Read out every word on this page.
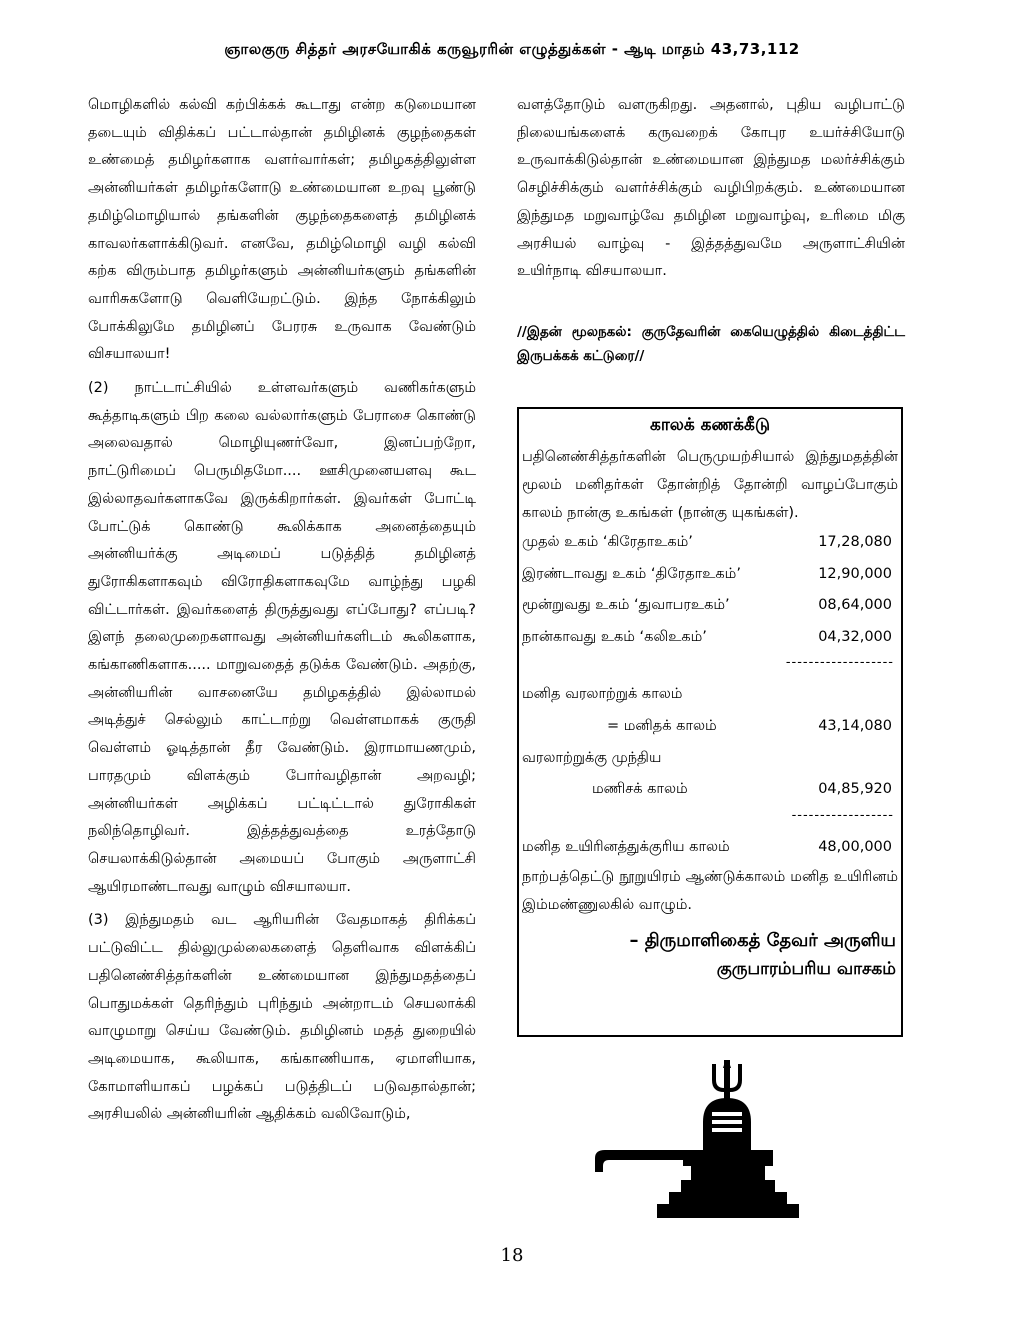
ஞாலகுரு சித்தர் அரசயோகிக் கருவூரரின் எழுத்துக்கள் - ஆடி மாதம் 43,73,112

மொழிகளில் கல்வி கற்பிக்கக் கூடாது என்ற கடுமையான தடையும் விதிக்கப் பட்டால்தான் தமிழினக் குழந்தைகள் உண்மைத் தமிழர்களாக வளர்வார்கள்; தமிழகத்திலுள்ள அன்னியர்கள் தமிழர்களோடு உண்மையான உறவு பூண்டு தமிழ்மொழியால் தங்களின் குழந்தைகளைத் தமிழினக் காவலர்களாக்கிடுவர். எனவே, தமிழ்மொழி வழி கல்வி கற்க விரும்பாத தமிழர்களும் அன்னியர்களும் தங்களின் வாரிசுகளோடு வெளியேறட்டும். இந்த நோக்கிலும் போக்கிலுமே தமிழினப் பேரரசு உருவாக வேண்டும் விசயாலயா!

(2) நாட்டாட்சியில் உள்ளவர்களும் வணிகர்களும் கூத்தாடிகளும் பிற கலை வல்லார்களும் பேராசை கொண்டு அலைவதால் மொழியுணர்வோ, இனப்பற்றோ, நாட்டுரிமைப் பெருமிதமோ.... ஊசிமுனையளவு கூட இல்லாதவர்களாகவே இருக்கிறார்கள். இவர்கள் போட்டி போட்டுக் கொண்டு கூலிக்காக அனைத்தையும் அன்னியர்க்கு அடிமைப் படுத்தித் தமிழினத் துரோகிகளாகவும் விரோதிகளாகவுமே வாழ்ந்து பழகி விட்டார்கள். இவர்களைத் திருத்துவது எப்போது? எப்படி? இளந் தலைமுறைகளாவது அன்னியர்களிடம் கூலிகளாக, கங்காணிகளாக..... மாறுவதைத் தடுக்க வேண்டும். அதற்கு, அன்னியரின் வாசனையே தமிழகத்தில் இல்லாமல் அடித்துச் செல்லும் காட்டாற்று வெள்ளமாகக் குருதி வெள்ளம் ஓடித்தான் தீர வேண்டும். இராமாயணமும், பாரதமும் விளக்கும் போர்வழிதான் அறவழி; அன்னியர்கள் அழிக்கப் பட்டிட்டால் துரோகிகள் நலிந்தொழிவர். இத்தத்துவத்தை உரத்தோடு செயலாக்கிடுல்தான் அமையப் போகும் அருளாட்சி ஆயிரமாண்டாவது வாழும் விசயாலயா.

(3) இந்துமதம் வட ஆரியரின் வேதமாகத் திரிக்கப் பட்டுவிட்ட தில்லுமுல்லைகளைத் தெளிவாக விளக்கிப் பதினெண்சித்தர்களின் உண்மையான இந்துமதத்தைப் பொதுமக்கள் தெரிந்தும் புரிந்தும் அன்றாடம் செயலாக்கி வாழுமாறு செய்ய வேண்டும். தமிழினம் மதத் துறையில் அடிமையாக, கூலியாக, கங்காணியாக, ஏமாளியாக, கோமாளியாகப் பழக்கப் படுத்திடப் படுவதால்தான்; அரசியலில் அன்னியரின் ஆதிக்கம் வலிவோடும்,

வளத்தோடும் வளருகிறது. அதனால், புதிய வழிபாட்டு நிலையங்களைக் கருவறைக் கோபுர உயர்ச்சியோடு உருவாக்கிடுல்தான் உண்மையான இந்துமத மலர்ச்சிக்கும் செழிச்சிக்கும் வளர்ச்சிக்கும் வழிபிறக்கும். உண்மையான இந்துமத மறுவாழ்வே தமிழின மறுவாழ்வு, உரிமை மிகு அரசியல் வாழ்வு - இத்தத்துவமே அருளாட்சியின் உயிர்நாடி விசயாலயா.

//இதன் மூலநகல்: குருதேவரின் கையெழுத்தில் கிடைத்திட்ட இருபக்கக் கட்டுரை//
காலக் கணக்கீடு

பதினெண்சித்தர்களின் பெருமுயற்சியால் இந்துமதத்தின் மூலம் மனிதர்கள் தோன்றித் தோன்றி வாழப்போகும் காலம் நான்கு உகங்கள் (நான்கு யுகங்கள்).

முதல் உகம் ‘கிரேதாஉகம்’	17,28,080
இரண்டாவது உகம் ‘திரேதாஉகம்’	12,90,000
மூன்றுவது உகம் ‘துவாபரஉகம்’	08,64,000
நான்காவது உகம் ‘கலிஉகம்’	04,32,000
-------------------
மனித வரலாற்றுக் காலம்
= மனிதக் காலம்	43,14,080
வரலாற்றுக்கு முந்திய
மணிசக் காலம்	04,85,920
------------------
மனித உயிரினத்துக்குரிய காலம்	48,00,000

நாற்பத்தெட்டு நூறுயிரம் ஆண்டுக்காலம் மனித உயிரினம் இம்மண்ணுலகில் வாழும்.

– திருமாளிகைத் தேவர் அருளிய
குருபாரம்பரிய வாசகம்
18
